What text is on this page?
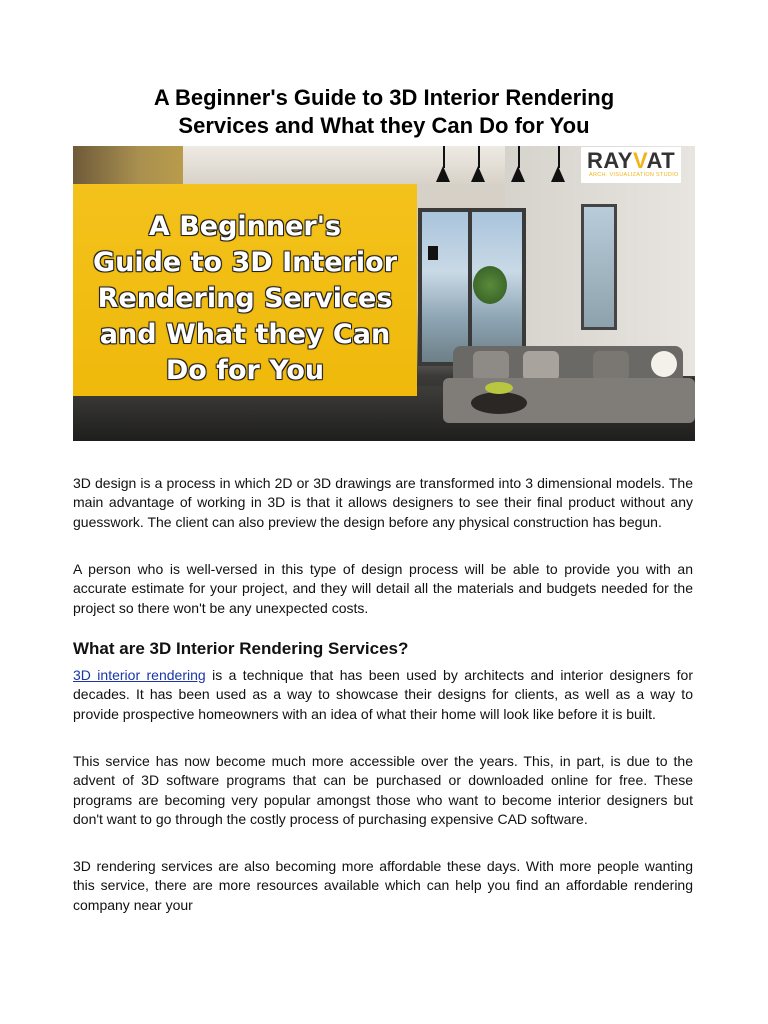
A Beginner's Guide to 3D Interior Rendering
Services and What they Can Do for You
A Beginner's
Guide to 3D Interior
Rendering Services
and What they Can
Do for You
RAYVAT
ARCH. VISUALIZATION STUDIO

3D design is a process in which 2D or 3D drawings are transformed into 3 dimensional models. The main advantage of working in 3D is that it allows designers to see their final product without any guesswork. The client can also preview the design before any physical construction has begun.

A person who is well-versed in this type of design process will be able to provide you with an accurate estimate for your project, and they will detail all the materials and budgets needed for the project so there won't be any unexpected costs.

What are 3D Interior Rendering Services?

3D interior rendering is a technique that has been used by architects and interior designers for decades. It has been used as a way to showcase their designs for clients, as well as a way to provide prospective homeowners with an idea of what their home will look like before it is built.

This service has now become much more accessible over the years. This, in part, is due to the advent of 3D software programs that can be purchased or downloaded online for free. These programs are becoming very popular amongst those who want to become interior designers but don't want to go through the costly process of purchasing expensive CAD software.

3D rendering services are also becoming more affordable these days. With more people wanting this service, there are more resources available which can help you find an affordable rendering company near your
